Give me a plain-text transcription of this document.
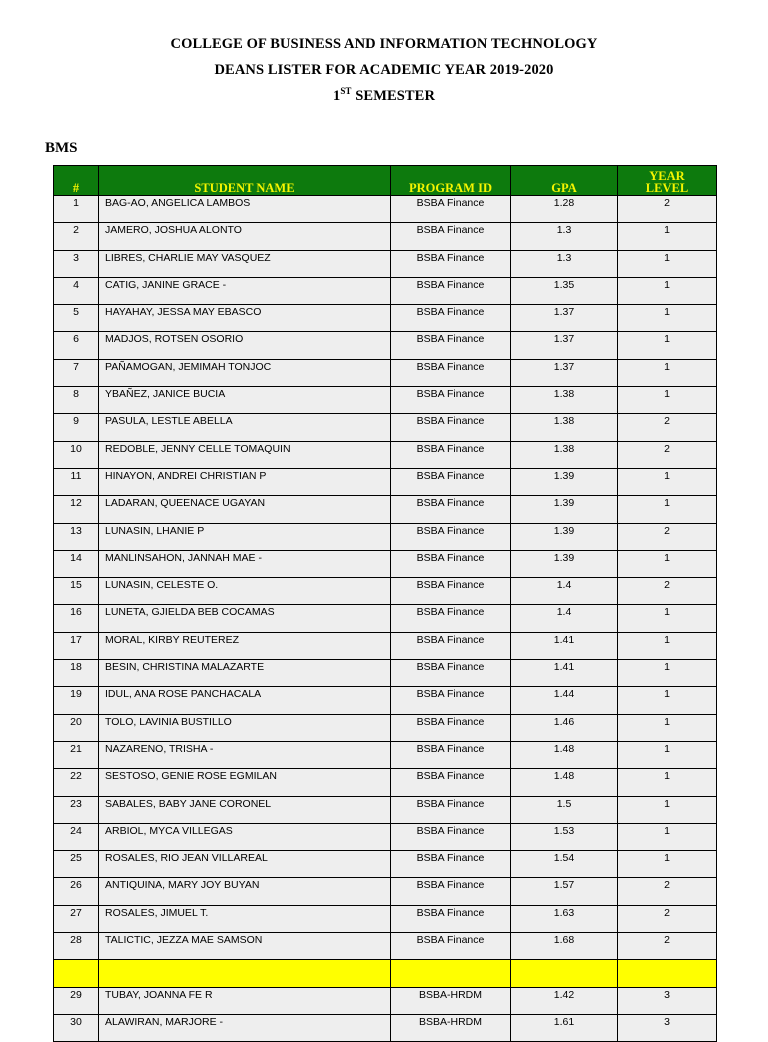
COLLEGE OF BUSINESS AND INFORMATION TECHNOLOGY
DEANS LISTER FOR ACADEMIC YEAR 2019-2020
1ST SEMESTER
BMS
#	STUDENT NAME	PROGRAM ID	GPA	YEAR
LEVEL
1	BAG-AO, ANGELICA LAMBOS	BSBA Finance	1.28	2
2	JAMERO, JOSHUA ALONTO	BSBA Finance	1.3	1
3	LIBRES, CHARLIE MAY VASQUEZ	BSBA Finance	1.3	1
4	CATIG, JANINE GRACE -	BSBA Finance	1.35	1
5	HAYAHAY, JESSA MAY EBASCO	BSBA Finance	1.37	1
6	MADJOS, ROTSEN OSORIO	BSBA Finance	1.37	1
7	PAÑAMOGAN, JEMIMAH TONJOC	BSBA Finance	1.37	1
8	YBAÑEZ, JANICE BUCIA	BSBA Finance	1.38	1
9	PASULA, LESTLE ABELLA	BSBA Finance	1.38	2
10	REDOBLE, JENNY CELLE TOMAQUIN	BSBA Finance	1.38	2
11	HINAYON, ANDREI CHRISTIAN P	BSBA Finance	1.39	1
12	LADARAN, QUEENACE UGAYAN	BSBA Finance	1.39	1
13	LUNASIN, LHANIE P	BSBA Finance	1.39	2
14	MANLINSAHON, JANNAH MAE -	BSBA Finance	1.39	1
15	LUNASIN, CELESTE O.	BSBA Finance	1.4	2
16	LUNETA, GJIELDA BEB COCAMAS	BSBA Finance	1.4	1
17	MORAL, KIRBY REUTEREZ	BSBA Finance	1.41	1
18	BESIN, CHRISTINA MALAZARTE	BSBA Finance	1.41	1
19	IDUL, ANA ROSE PANCHACALA	BSBA Finance	1.44	1
20	TOLO, LAVINIA BUSTILLO	BSBA Finance	1.46	1
21	NAZARENO, TRISHA -	BSBA Finance	1.48	1
22	SESTOSO, GENIE ROSE EGMILAN	BSBA Finance	1.48	1
23	SABALES, BABY JANE CORONEL	BSBA Finance	1.5	1
24	ARBIOL, MYCA VILLEGAS	BSBA Finance	1.53	1
25	ROSALES, RIO JEAN VILLAREAL	BSBA Finance	1.54	1
26	ANTIQUINA, MARY JOY BUYAN	BSBA Finance	1.57	2
27	ROSALES, JIMUEL T.	BSBA Finance	1.63	2
28	TALICTIC, JEZZA MAE SAMSON	BSBA Finance	1.68	2

29	TUBAY, JOANNA FE R	BSBA-HRDM	1.42	3
30	ALAWIRAN, MARJORE -	BSBA-HRDM	1.61	3
